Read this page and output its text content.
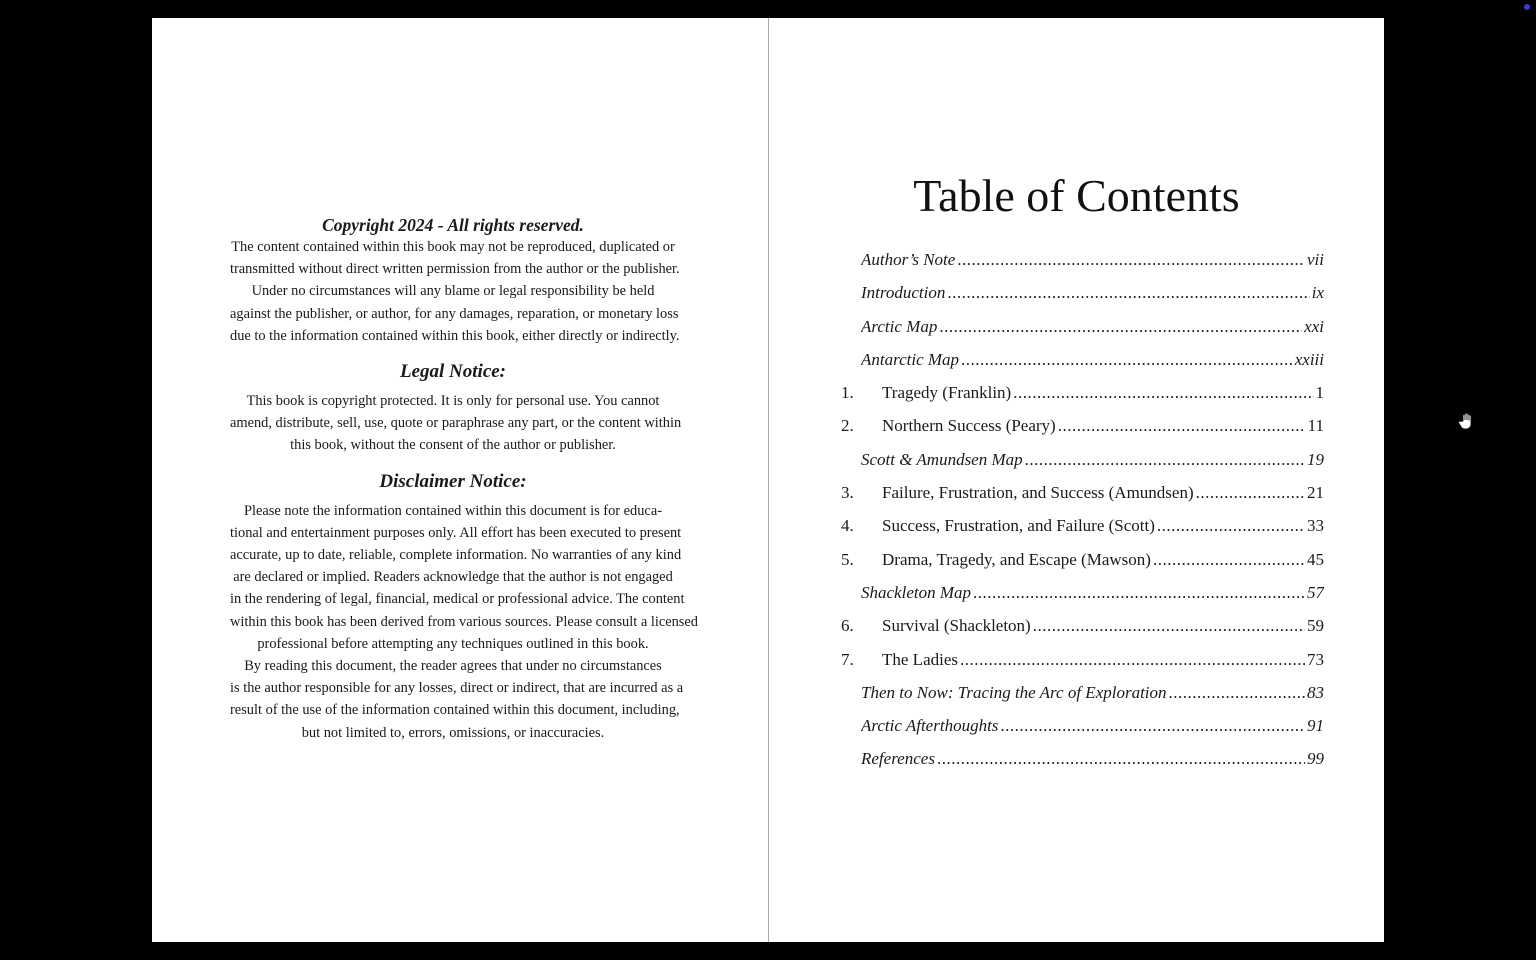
Copyright 2024 - All rights reserved.

The content contained within this book may not be reproduced, duplicated or
transmitted without direct written permission from the author or the publisher.
Under no circumstances will any blame or legal responsibility be held
against the publisher, or author, for any damages, reparation, or monetary loss
due to the information contained within this book, either directly or indirectly.

Legal Notice:

This book is copyright protected. It is only for personal use. You cannot
amend, distribute, sell, use, quote or paraphrase any part, or the content within
this book, without the consent of the author or publisher.

Disclaimer Notice:

Please note the information contained within this document is for educa-
tional and entertainment purposes only. All effort has been executed to present
accurate, up to date, reliable, complete information. No warranties of any kind
are declared or implied. Readers acknowledge that the author is not engaged
in the rendering of legal, financial, medical or professional advice. The content
within this book has been derived from various sources. Please consult a licensed
professional before attempting any techniques outlined in this book.
By reading this document, the reader agrees that under no circumstances
is the author responsible for any losses, direct or indirect, that are incurred as a
result of the use of the information contained within this document, including,
but not limited to, errors, omissions, or inaccuracies.

Table of Contents
Author’s Note .....	vii
Introduction .....	ix
Arctic Map .....	xxi
Antarctic Map .....	xxiii
1. Tragedy (Franklin) .....	1
2. Northern Success (Peary) .....	11
Scott & Amundsen Map .....	19
3. Failure, Frustration, and Success (Amundsen) .....	21
4. Success, Frustration, and Failure (Scott) .....	33
5. Drama, Tragedy, and Escape (Mawson) .....	45
Shackleton Map .....	57
6. Survival (Shackleton) .....	59
7. The Ladies .....	73
Then to Now: Tracing the Arc of Exploration .....	83
Arctic Afterthoughts .....	91
References .....	99
